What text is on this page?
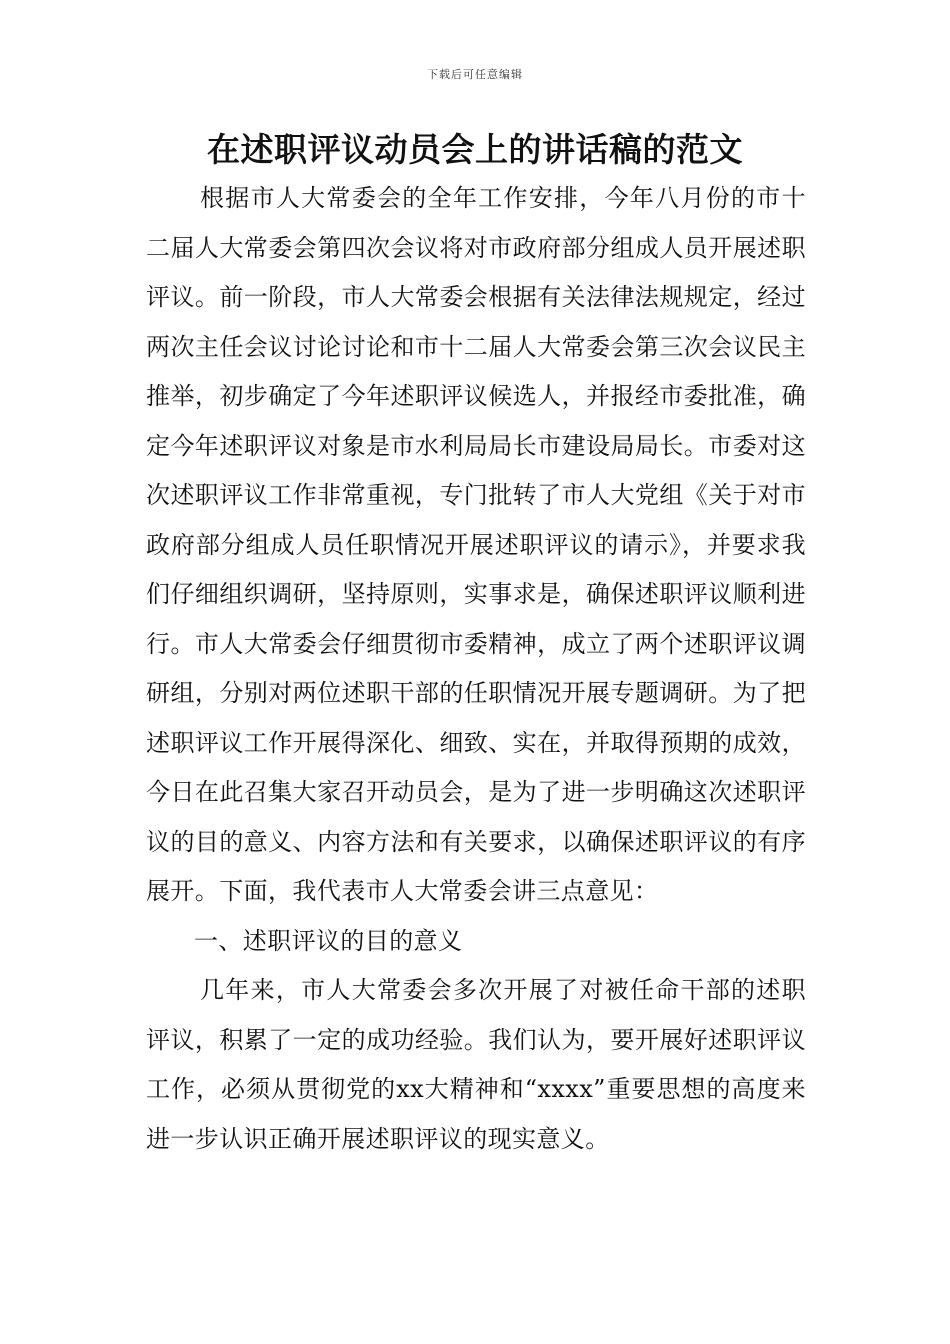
下载后可任意编辑
在述职评议动员会上的讲话稿的范文

根据市人大常委会的全年工作安排，今年八月份的市十二届人大常委会第四次会议将对市政府部分组成人员开展述职评议。前一阶段，市人大常委会根据有关法律法规规定，经过两次主任会议讨论讨论和市十二届人大常委会第三次会议民主推举，初步确定了今年述职评议候选人，并报经市委批准，确定今年述职评议对象是市水利局局长市建设局局长。市委对这次述职评议工作非常重视，专门批转了市人大党组《关于对市政府部分组成人员任职情况开展述职评议的请示》，并要求我们仔细组织调研，坚持原则，实事求是，确保述职评议顺利进行。市人大常委会仔细贯彻市委精神，成立了两个述职评议调研组，分别对两位述职干部的任职情况开展专题调研。为了把述职评议工作开展得深化、细致、实在，并取得预期的成效，今日在此召集大家召开动员会，是为了进一步明确这次述职评议的目的意义、内容方法和有关要求，以确保述职评议的有序展开。下面，我代表市人大常委会讲三点意见：

一、述职评议的目的意义

几年来，市人大常委会多次开展了对被任命干部的述职评议，积累了一定的成功经验。我们认为，要开展好述职评议工作，必须从贯彻党的xx大精神和“xxxx”重要思想的高度来进一步认识正确开展述职评议的现实意义。
